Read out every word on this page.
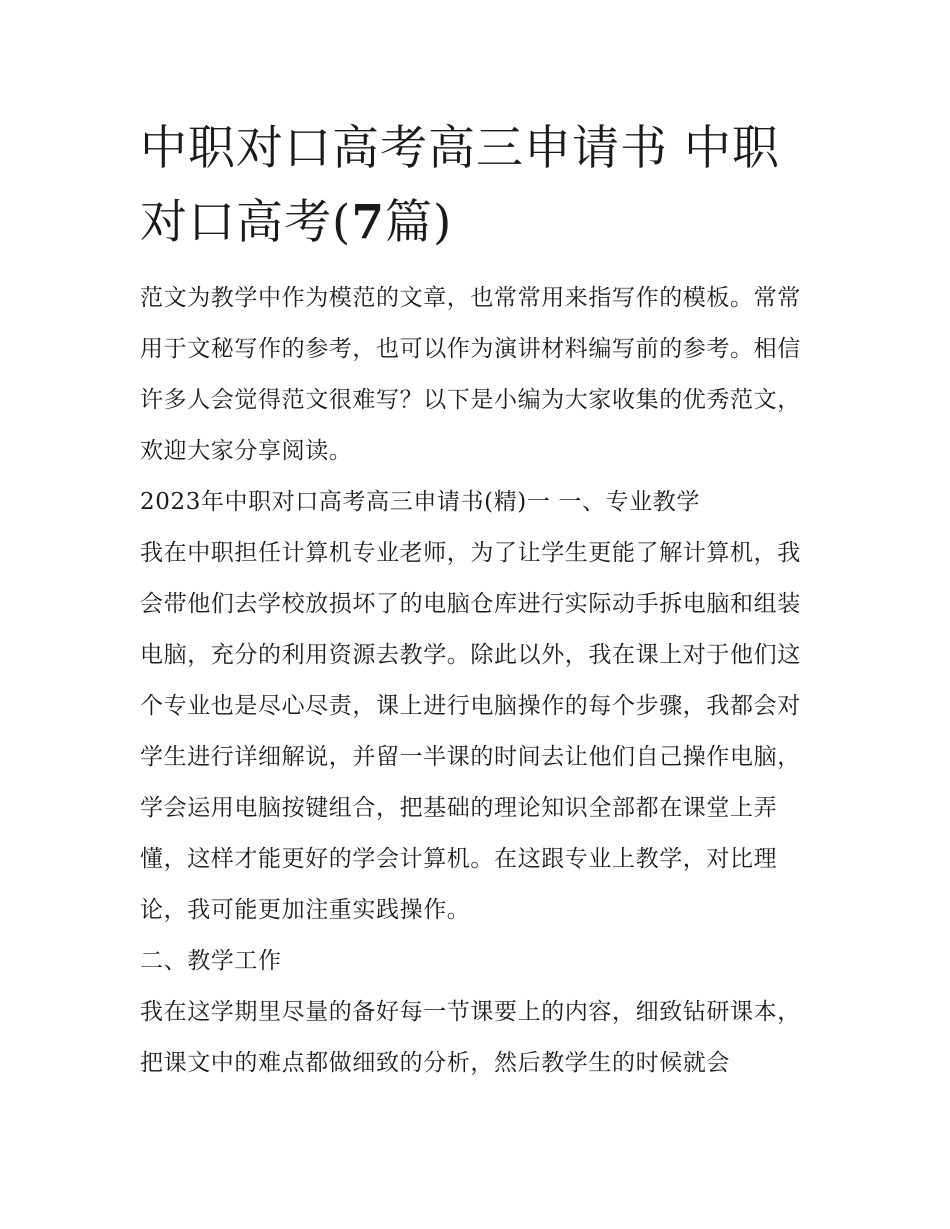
中职对口高考高三申请书 中职对口高考(7篇)

范文为教学中作为模范的文章，也常常用来指写作的模板。常常用于文秘写作的参考，也可以作为演讲材料编写前的参考。相信许多人会觉得范文很难写？以下是小编为大家收集的优秀范文，欢迎大家分享阅读。

2023年中职对口高考高三申请书(精)一 一、专业教学

我在中职担任计算机专业老师，为了让学生更能了解计算机，我会带他们去学校放损坏了的电脑仓库进行实际动手拆电脑和组装电脑，充分的利用资源去教学。除此以外，我在课上对于他们这个专业也是尽心尽责，课上进行电脑操作的每个步骤，我都会对学生进行详细解说，并留一半课的时间去让他们自己操作电脑，学会运用电脑按键组合，把基础的理论知识全部都在课堂上弄懂，这样才能更好的学会计算机。在这跟专业上教学，对比理论，我可能更加注重实践操作。

二、教学工作

我在这学期里尽量的备好每一节课要上的内容，细致钻研课本，把课文中的难点都做细致的分析，然后教学生的时候就会
